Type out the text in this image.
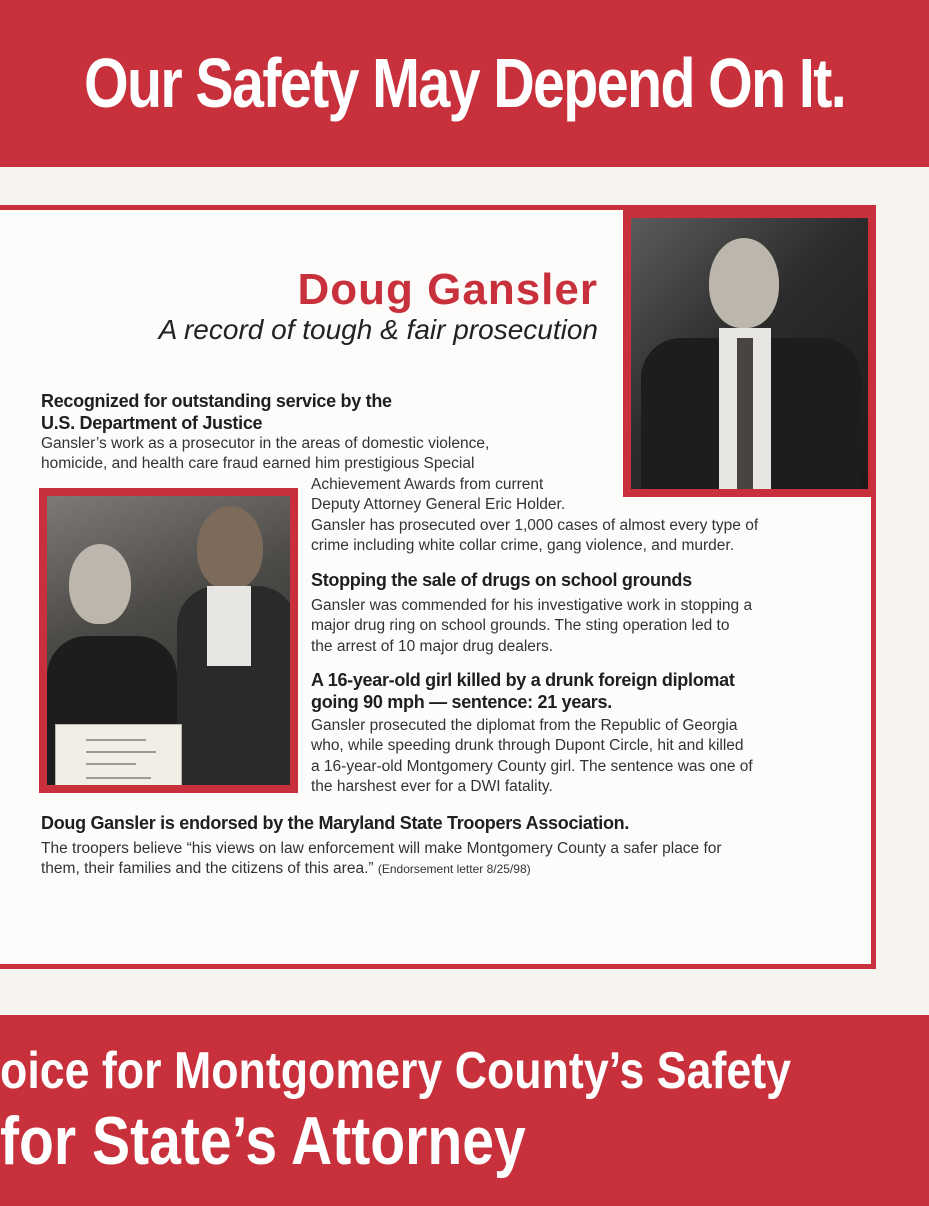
Our Safety May Depend On It.

Doug Gansler
A record of tough & fair prosecution
Recognized for outstanding service by the
U.S. Department of Justice
Gansler’s work as a prosecutor in the areas of domestic violence,
homicide, and health care fraud earned him prestigious Special
Achievement Awards from current
Deputy Attorney General Eric Holder.
Gansler has prosecuted over 1,000 cases of almost every type of
crime including white collar crime, gang violence, and murder.
Stopping the sale of drugs on school grounds
Gansler was commended for his investigative work in stopping a
major drug ring on school grounds. The sting operation led to
the arrest of 10 major drug dealers.
A 16-year-old girl killed by a drunk foreign diplomat
going 90 mph — sentence: 21 years.
Gansler prosecuted the diplomat from the Republic of Georgia
who, while speeding drunk through Dupont Circle, hit and killed
a 16-year-old Montgomery County girl. The sentence was one of
the harshest ever for a DWI fatality.
Doug Gansler is endorsed by the Maryland State Troopers Association.
The troopers believe “his views on law enforcement will make Montgomery County a safer place for
them, their families and the citizens of this area.” (Endorsement letter 8/25/98)
oice for Montgomery County’s Safety
for State’s Attorney
